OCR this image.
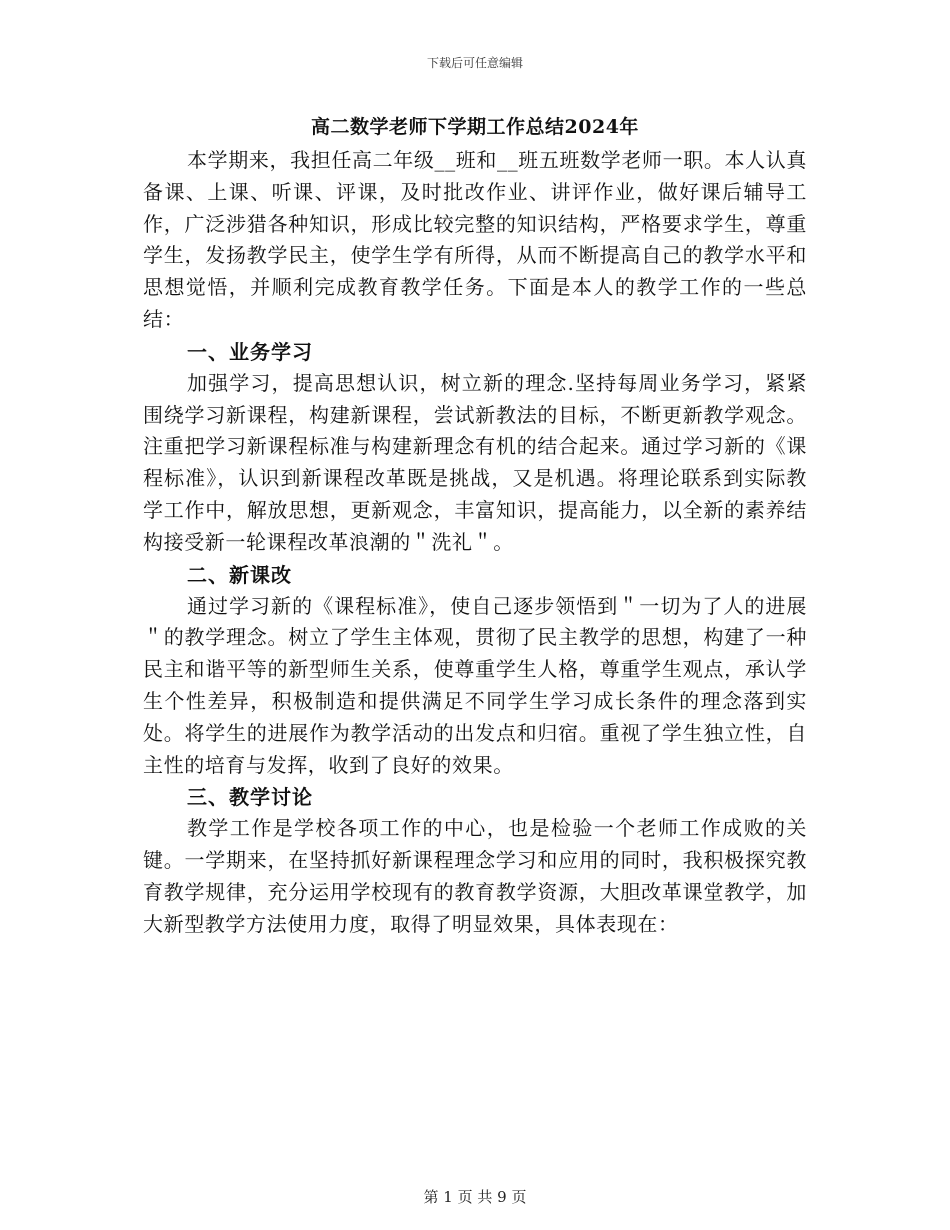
下载后可任意编辑
高二数学老师下学期工作总结2024年

本学期来，我担任高二年级__班和__班五班数学老师一职。本人认真备课、上课、听课、评课，及时批改作业、讲评作业，做好课后辅导工作，广泛涉猎各种知识，形成比较完整的知识结构，严格要求学生，尊重学生，发扬教学民主，使学生学有所得，从而不断提高自己的教学水平和思想觉悟，并顺利完成教育教学任务。下面是本人的教学工作的一些总结：

一、业务学习

加强学习，提高思想认识，树立新的理念.坚持每周业务学习，紧紧围绕学习新课程，构建新课程，尝试新教法的目标，不断更新教学观念。注重把学习新课程标准与构建新理念有机的结合起来。通过学习新的《课程标准》，认识到新课程改革既是挑战，又是机遇。将理论联系到实际教学工作中，解放思想，更新观念，丰富知识，提高能力，以全新的素养结构接受新一轮课程改革浪潮的＂洗礼＂。

二、新课改

通过学习新的《课程标准》，使自己逐步领悟到＂一切为了人的进展＂的教学理念。树立了学生主体观，贯彻了民主教学的思想，构建了一种民主和谐平等的新型师生关系，使尊重学生人格，尊重学生观点，承认学生个性差异，积极制造和提供满足不同学生学习成长条件的理念落到实处。将学生的进展作为教学活动的出发点和归宿。重视了学生独立性，自主性的培育与发挥，收到了良好的效果。

三、教学讨论

教学工作是学校各项工作的中心，也是检验一个老师工作成败的关键。一学期来，在坚持抓好新课程理念学习和应用的同时，我积极探究教育教学规律，充分运用学校现有的教育教学资源，大胆改革课堂教学，加大新型教学方法使用力度，取得了明显效果，具体表现在：

第 1 页 共 9 页
